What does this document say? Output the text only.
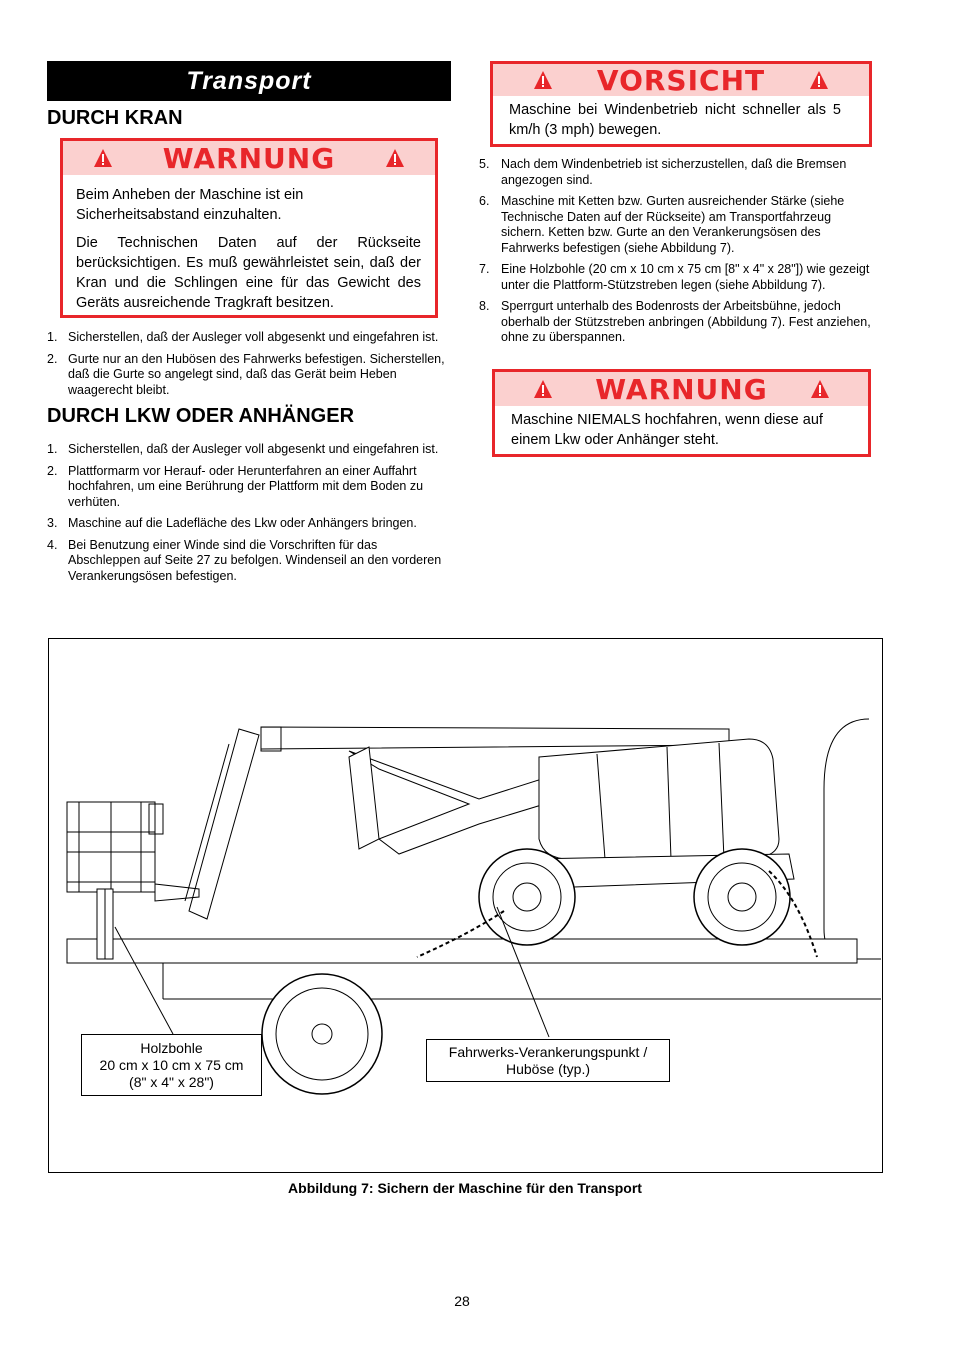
Transport
DURCH KRAN
WARNUNG

Beim Anheben der Maschine ist ein Sicherheitsabstand einzuhalten.

Die Technischen Daten auf der Rückseite berücksichtigen. Es muß gewährleistet sein, daß der Kran und die Schlingen eine für das Gewicht des Geräts ausreichende Tragkraft besitzen.

1. Sicherstellen, daß der Ausleger voll abgesenkt und eingefahren ist.
2. Gurte nur an den Hubösen des Fahrwerks befestigen. Sicherstellen, daß die Gurte so angelegt sind, daß das Gerät beim Heben waagerecht bleibt.
DURCH LKW ODER ANHÄNGER
1. Sicherstellen, daß der Ausleger voll abgesenkt und eingefahren ist.
2. Plattformarm vor Herauf- oder Herunterfahren an einer Auffahrt hochfahren, um eine Berührung der Plattform mit dem Boden zu verhüten.
3. Maschine auf die Ladefläche des Lkw oder Anhängers bringen.
4. Bei Benutzung einer Winde sind die Vorschriften für das Abschleppen auf Seite 27 zu befolgen. Windenseil an den vorderen Verankerungsösen befestigen.
VORSICHT
Maschine bei Windenbetrieb nicht schneller als 5 km/h (3 mph) bewegen.
5. Nach dem Windenbetrieb ist sicherzustellen, daß die Bremsen angezogen sind.
6. Maschine mit Ketten bzw. Gurten ausreichender Stärke (siehe Technische Daten auf der Rückseite) am Transportfahrzeug sichern. Ketten bzw. Gurte an den Verankerungsösen des Fahrwerks befestigen (siehe Abbildung 7).
7. Eine Holzbohle (20 cm x 10 cm x 75 cm [8" x 4" x 28"]) wie gezeigt unter die Plattform-Stützstreben legen (siehe Abbildung 7).
8. Sperrgurt unterhalb des Bodenrosts der Arbeitsbühne, jedoch oberhalb der Stützstreben anbringen (Abbildung 7). Fest anziehen, ohne zu überspannen.
WARNUNG
Maschine NIEMALS hochfahren, wenn diese auf einem Lkw oder Anhänger steht.
Holzbohle
20 cm x 10 cm x 75 cm
(8" x 4" x 28")
Fahrwerks-Verankerungspunkt /
Huböse (typ.)
Abbildung 7: Sichern der Maschine für den Transport
28
